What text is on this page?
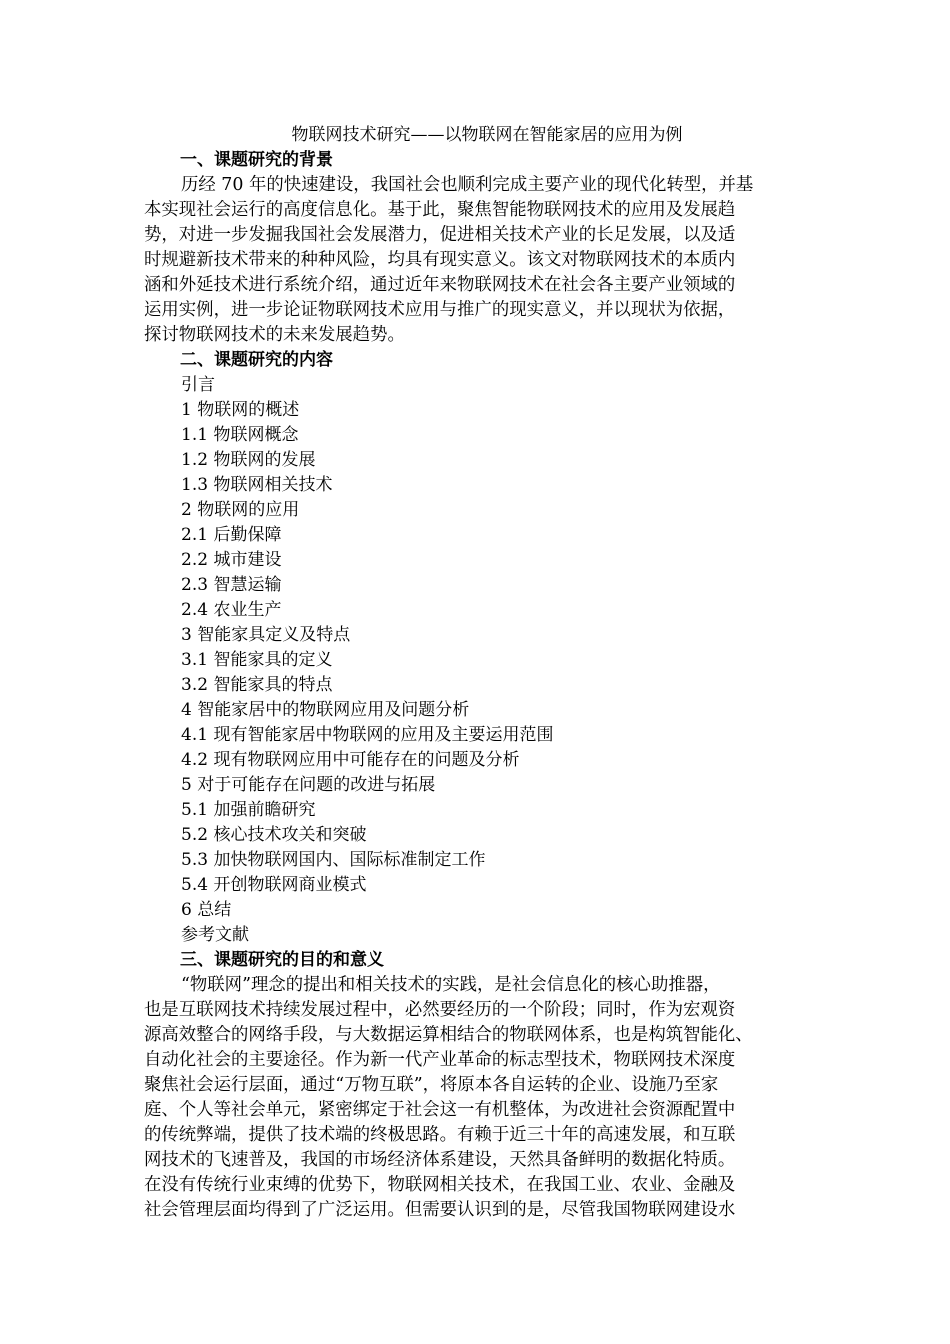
物联网技术研究——以物联网在智能家居的应用为例
一、课题研究的背景

历经 70 年的快速建设，我国社会也顺利完成主要产业的现代化转型，并基
本实现社会运行的高度信息化。基于此，聚焦智能物联网技术的应用及发展趋
势，对进一步发掘我国社会发展潜力，促进相关技术产业的长足发展，以及适
时规避新技术带来的种种风险，均具有现实意义。该文对物联网技术的本质内
涵和外延技术进行系统介绍，通过近年来物联网技术在社会各主要产业领域的
运用实例，进一步论证物联网技术应用与推广的现实意义，并以现状为依据，
探讨物联网技术的未来发展趋势。

二、课题研究的内容
引言
1 物联网的概述
1.1 物联网概念
1.2 物联网的发展
1.3 物联网相关技术
2 物联网的应用
2.1 后勤保障
2.2 城市建设
2.3 智慧运输
2.4 农业生产
3 智能家具定义及特点
3.1 智能家具的定义
3.2 智能家具的特点
4 智能家居中的物联网应用及问题分析
4.1 现有智能家居中物联网的应用及主要运用范围
4.2 现有物联网应用中可能存在的问题及分析
5 对于可能存在问题的改进与拓展
5.1 加强前瞻研究
5.2 核心技术攻关和突破
5.3 加快物联网国内、国际标准制定工作
5.4 开创物联网商业模式
6 总结
参考文献
三、课题研究的目的和意义

“物联网”理念的提出和相关技术的实践，是社会信息化的核心助推器，
也是互联网技术持续发展过程中，必然要经历的一个阶段；同时，作为宏观资
源高效整合的网络手段，与大数据运算相结合的物联网体系，也是构筑智能化、
自动化社会的主要途径。作为新一代产业革命的标志型技术，物联网技术深度
聚焦社会运行层面，通过“万物互联”，将原本各自运转的企业、设施乃至家
庭、个人等社会单元，紧密绑定于社会这一有机整体，为改进社会资源配置中
的传统弊端，提供了技术端的终极思路。有赖于近三十年的高速发展，和互联
网技术的飞速普及，我国的市场经济体系建设，天然具备鲜明的数据化特质。
在没有传统行业束缚的优势下，物联网相关技术，在我国工业、农业、金融及
社会管理层面均得到了广泛运用。但需要认识到的是，尽管我国物联网建设水
